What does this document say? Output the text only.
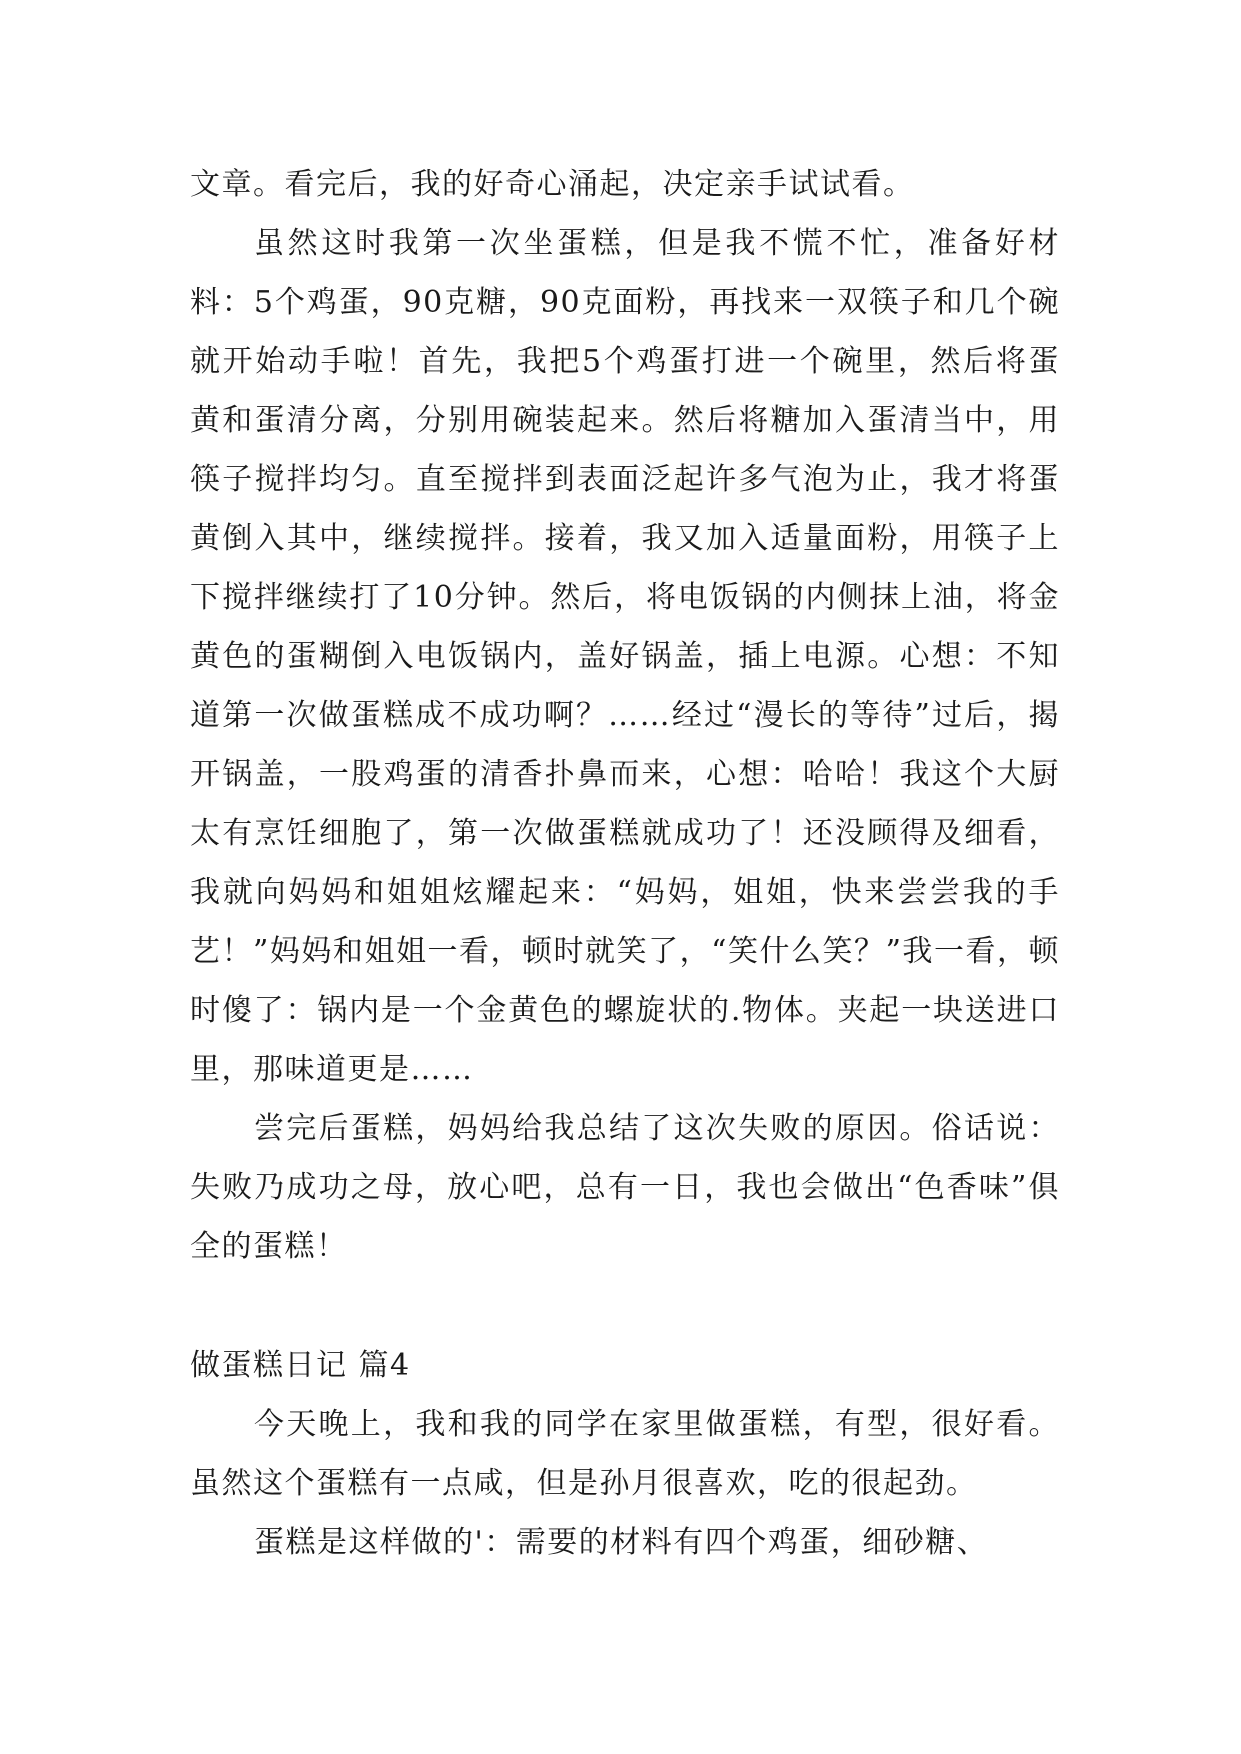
文章。看完后，我的好奇心涌起，决定亲手试试看。

虽然这时我第一次坐蛋糕，但是我不慌不忙，准备好材料：5个鸡蛋，90克糖，90克面粉，再找来一双筷子和几个碗就开始动手啦！首先，我把5个鸡蛋打进一个碗里，然后将蛋黄和蛋清分离，分别用碗装起来。然后将糖加入蛋清当中，用筷子搅拌均匀。直至搅拌到表面泛起许多气泡为止，我才将蛋黄倒入其中，继续搅拌。接着，我又加入适量面粉，用筷子上下搅拌继续打了10分钟。然后，将电饭锅的内侧抹上油，将金黄色的蛋糊倒入电饭锅内，盖好锅盖，插上电源。心想：不知道第一次做蛋糕成不成功啊？……经过“漫长的等待”过后，揭开锅盖，一股鸡蛋的清香扑鼻而来，心想：哈哈！我这个大厨太有烹饪细胞了，第一次做蛋糕就成功了！还没顾得及细看，我就向妈妈和姐姐炫耀起来：“妈妈，姐姐，快来尝尝我的手艺！”妈妈和姐姐一看，顿时就笑了，“笑什么笑？”我一看，顿时傻了：锅内是一个金黄色的螺旋状的.物体。夹起一块送进口里，那味道更是……

尝完后蛋糕，妈妈给我总结了这次失败的原因。俗话说：失败乃成功之母，放心吧，总有一日，我也会做出“色香味”俱全的蛋糕！

做蛋糕日记 篇4

今天晚上，我和我的同学在家里做蛋糕，有型，很好看。虽然这个蛋糕有一点咸，但是孙月很喜欢，吃的很起劲。

蛋糕是这样做的'：需要的材料有四个鸡蛋，细砂糖、
